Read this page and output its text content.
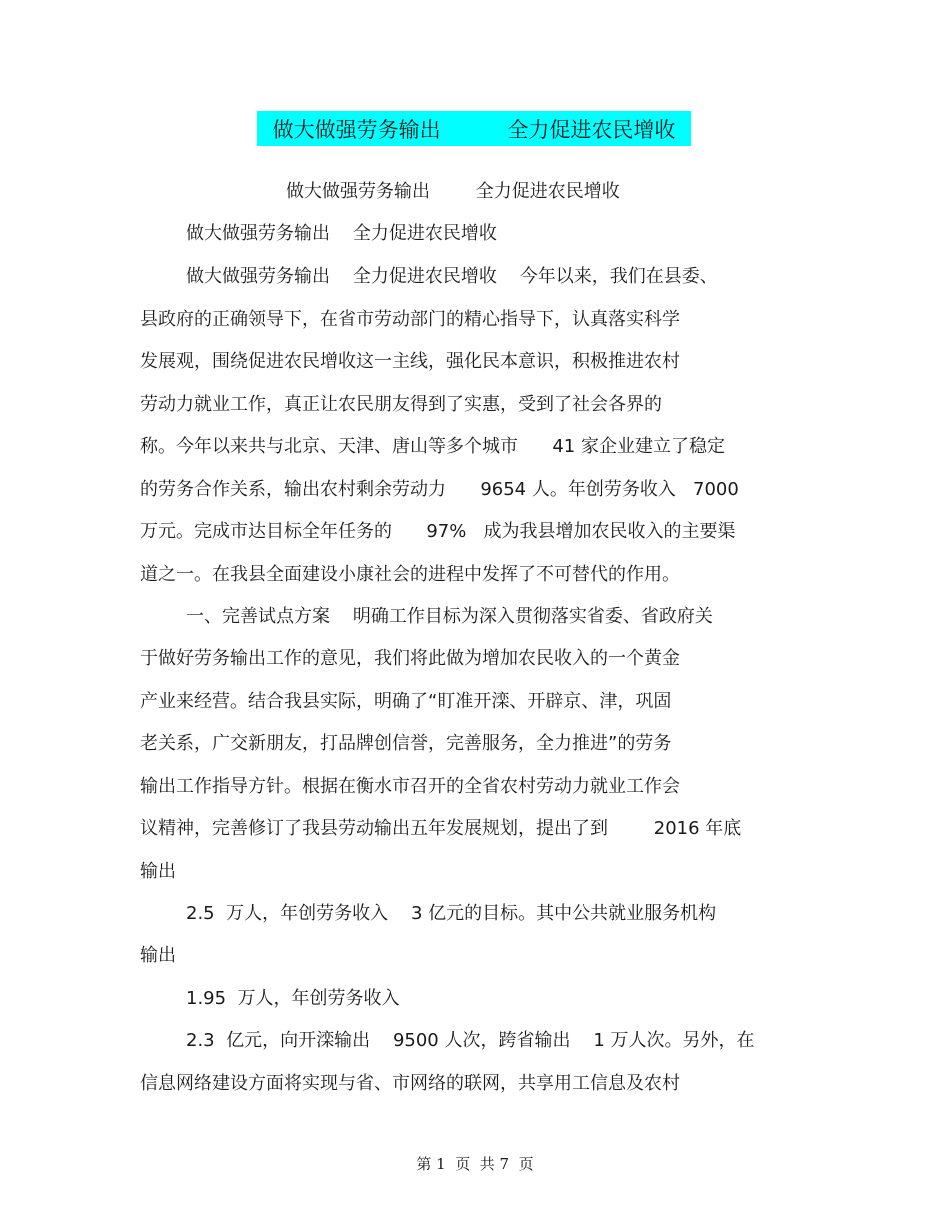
做大做强劳务输出          全力促进农民增收
做大做强劳务输出        全力促进农民增收
做大做强劳务输出    全力促进农民增收
做大做强劳务输出    全力促进农民增收    今年以来，我们在县委、
县政府的正确领导下，在省市劳动部门的精心指导下，认真落实科学
发展观，围绕促进农民增收这一主线，强化民本意识，积极推进农村
劳动力就业工作，真正让农民朋友得到了实惠，受到了社会各界的
称。今年以来共与北京、天津、唐山等多个城市      41 家企业建立了稳定
的劳务合作关系，输出农村剩余劳动力      9654 人。年创劳务收入   7000
万元。完成市达目标全年任务的      97%   成为我县增加农民收入的主要渠
道之一。在我县全面建设小康社会的进程中发挥了不可替代的作用。
一、完善试点方案    明确工作目标为深入贯彻落实省委、省政府关
于做好劳务输出工作的意见，我们将此做为增加农民收入的一个黄金
产业来经营。结合我县实际，明确了“盯准开滦、开辟京、津，巩固
老关系，广交新朋友，打品牌创信誉，完善服务，全力推进”的劳务
输出工作指导方针。根据在衡水市召开的全省农村劳动力就业工作会
议精神，完善修订了我县劳动输出五年发展规划，提出了到        2016 年底
输出
2.5  万人，年创劳务收入    3 亿元的目标。其中公共就业服务机构
输出
1.95  万人，年创劳务收入
2.3  亿元，向开滦输出    9500 人次，跨省输出    1 万人次。另外，在
信息网络建设方面将实现与省、市网络的联网，共享用工信息及农村
第 1  页  共 7  页
